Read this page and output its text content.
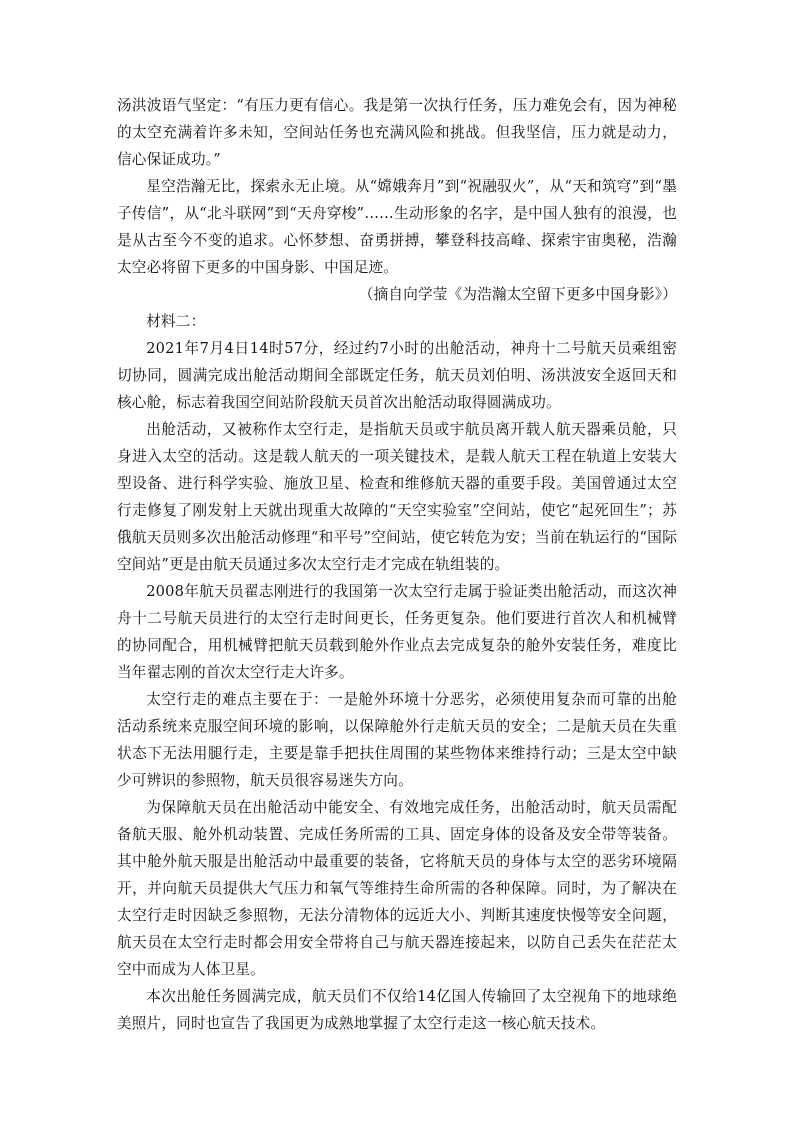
汤洪波语气坚定：“有压力更有信心。我是第一次执行任务，压力难免会有，因为神秘的太空充满着许多未知，空间站任务也充满风险和挑战。但我坚信，压力就是动力，信心保证成功。”

星空浩瀚无比，探索永无止境。从“嫦娥奔月”到“祝融驭火”，从“天和筑穹”到“墨子传信”，从“北斗联网”到“天舟穿梭”……生动形象的名字，是中国人独有的浪漫，也是从古至今不变的追求。心怀梦想、奋勇拼搏，攀登科技高峰、探索宇宙奥秘，浩瀚太空必将留下更多的中国身影、中国足迹。

（摘自向学莹《为浩瀚太空留下更多中国身影》）

材料二：

2021年7月4日14时57分，经过约7小时的出舱活动，神舟十二号航天员乘组密切协同，圆满完成出舱活动期间全部既定任务，航天员刘伯明、汤洪波安全返回天和核心舱，标志着我国空间站阶段航天员首次出舱活动取得圆满成功。

出舱活动，又被称作太空行走，是指航天员或宇航员离开载人航天器乘员舱，只身进入太空的活动。这是载人航天的一项关键技术，是载人航天工程在轨道上安装大型设备、进行科学实验、施放卫星、检查和维修航天器的重要手段。美国曾通过太空行走修复了刚发射上天就出现重大故障的“天空实验室”空间站，使它“起死回生”；苏俄航天员则多次出舱活动修理“和平号”空间站，使它转危为安；当前在轨运行的“国际空间站”更是由航天员通过多次太空行走才完成在轨组装的。

2008年航天员翟志刚进行的我国第一次太空行走属于验证类出舱活动，而这次神舟十二号航天员进行的太空行走时间更长，任务更复杂。他们要进行首次人和机械臂的协同配合，用机械臂把航天员载到舱外作业点去完成复杂的舱外安装任务，难度比当年翟志刚的首次太空行走大许多。

太空行走的难点主要在于：一是舱外环境十分恶劣，必须使用复杂而可靠的出舱活动系统来克服空间环境的影响，以保障舱外行走航天员的安全；二是航天员在失重状态下无法用腿行走，主要是靠手把扶住周围的某些物体来维持行动；三是太空中缺少可辨识的参照物，航天员很容易迷失方向。

为保障航天员在出舱活动中能安全、有效地完成任务，出舱活动时，航天员需配备航天服、舱外机动装置、完成任务所需的工具、固定身体的设备及安全带等装备。其中舱外航天服是出舱活动中最重要的装备，它将航天员的身体与太空的恶劣环境隔开，并向航天员提供大气压力和氧气等维持生命所需的各种保障。同时，为了解决在太空行走时因缺乏参照物，无法分清物体的远近大小、判断其速度快慢等安全问题，航天员在太空行走时都会用安全带将自己与航天器连接起来，以防自己丢失在茫茫太空中而成为人体卫星。

本次出舱任务圆满完成，航天员们不仅给14亿国人传输回了太空视角下的地球绝美照片，同时也宣告了我国更为成熟地掌握了太空行走这一核心航天技术。
